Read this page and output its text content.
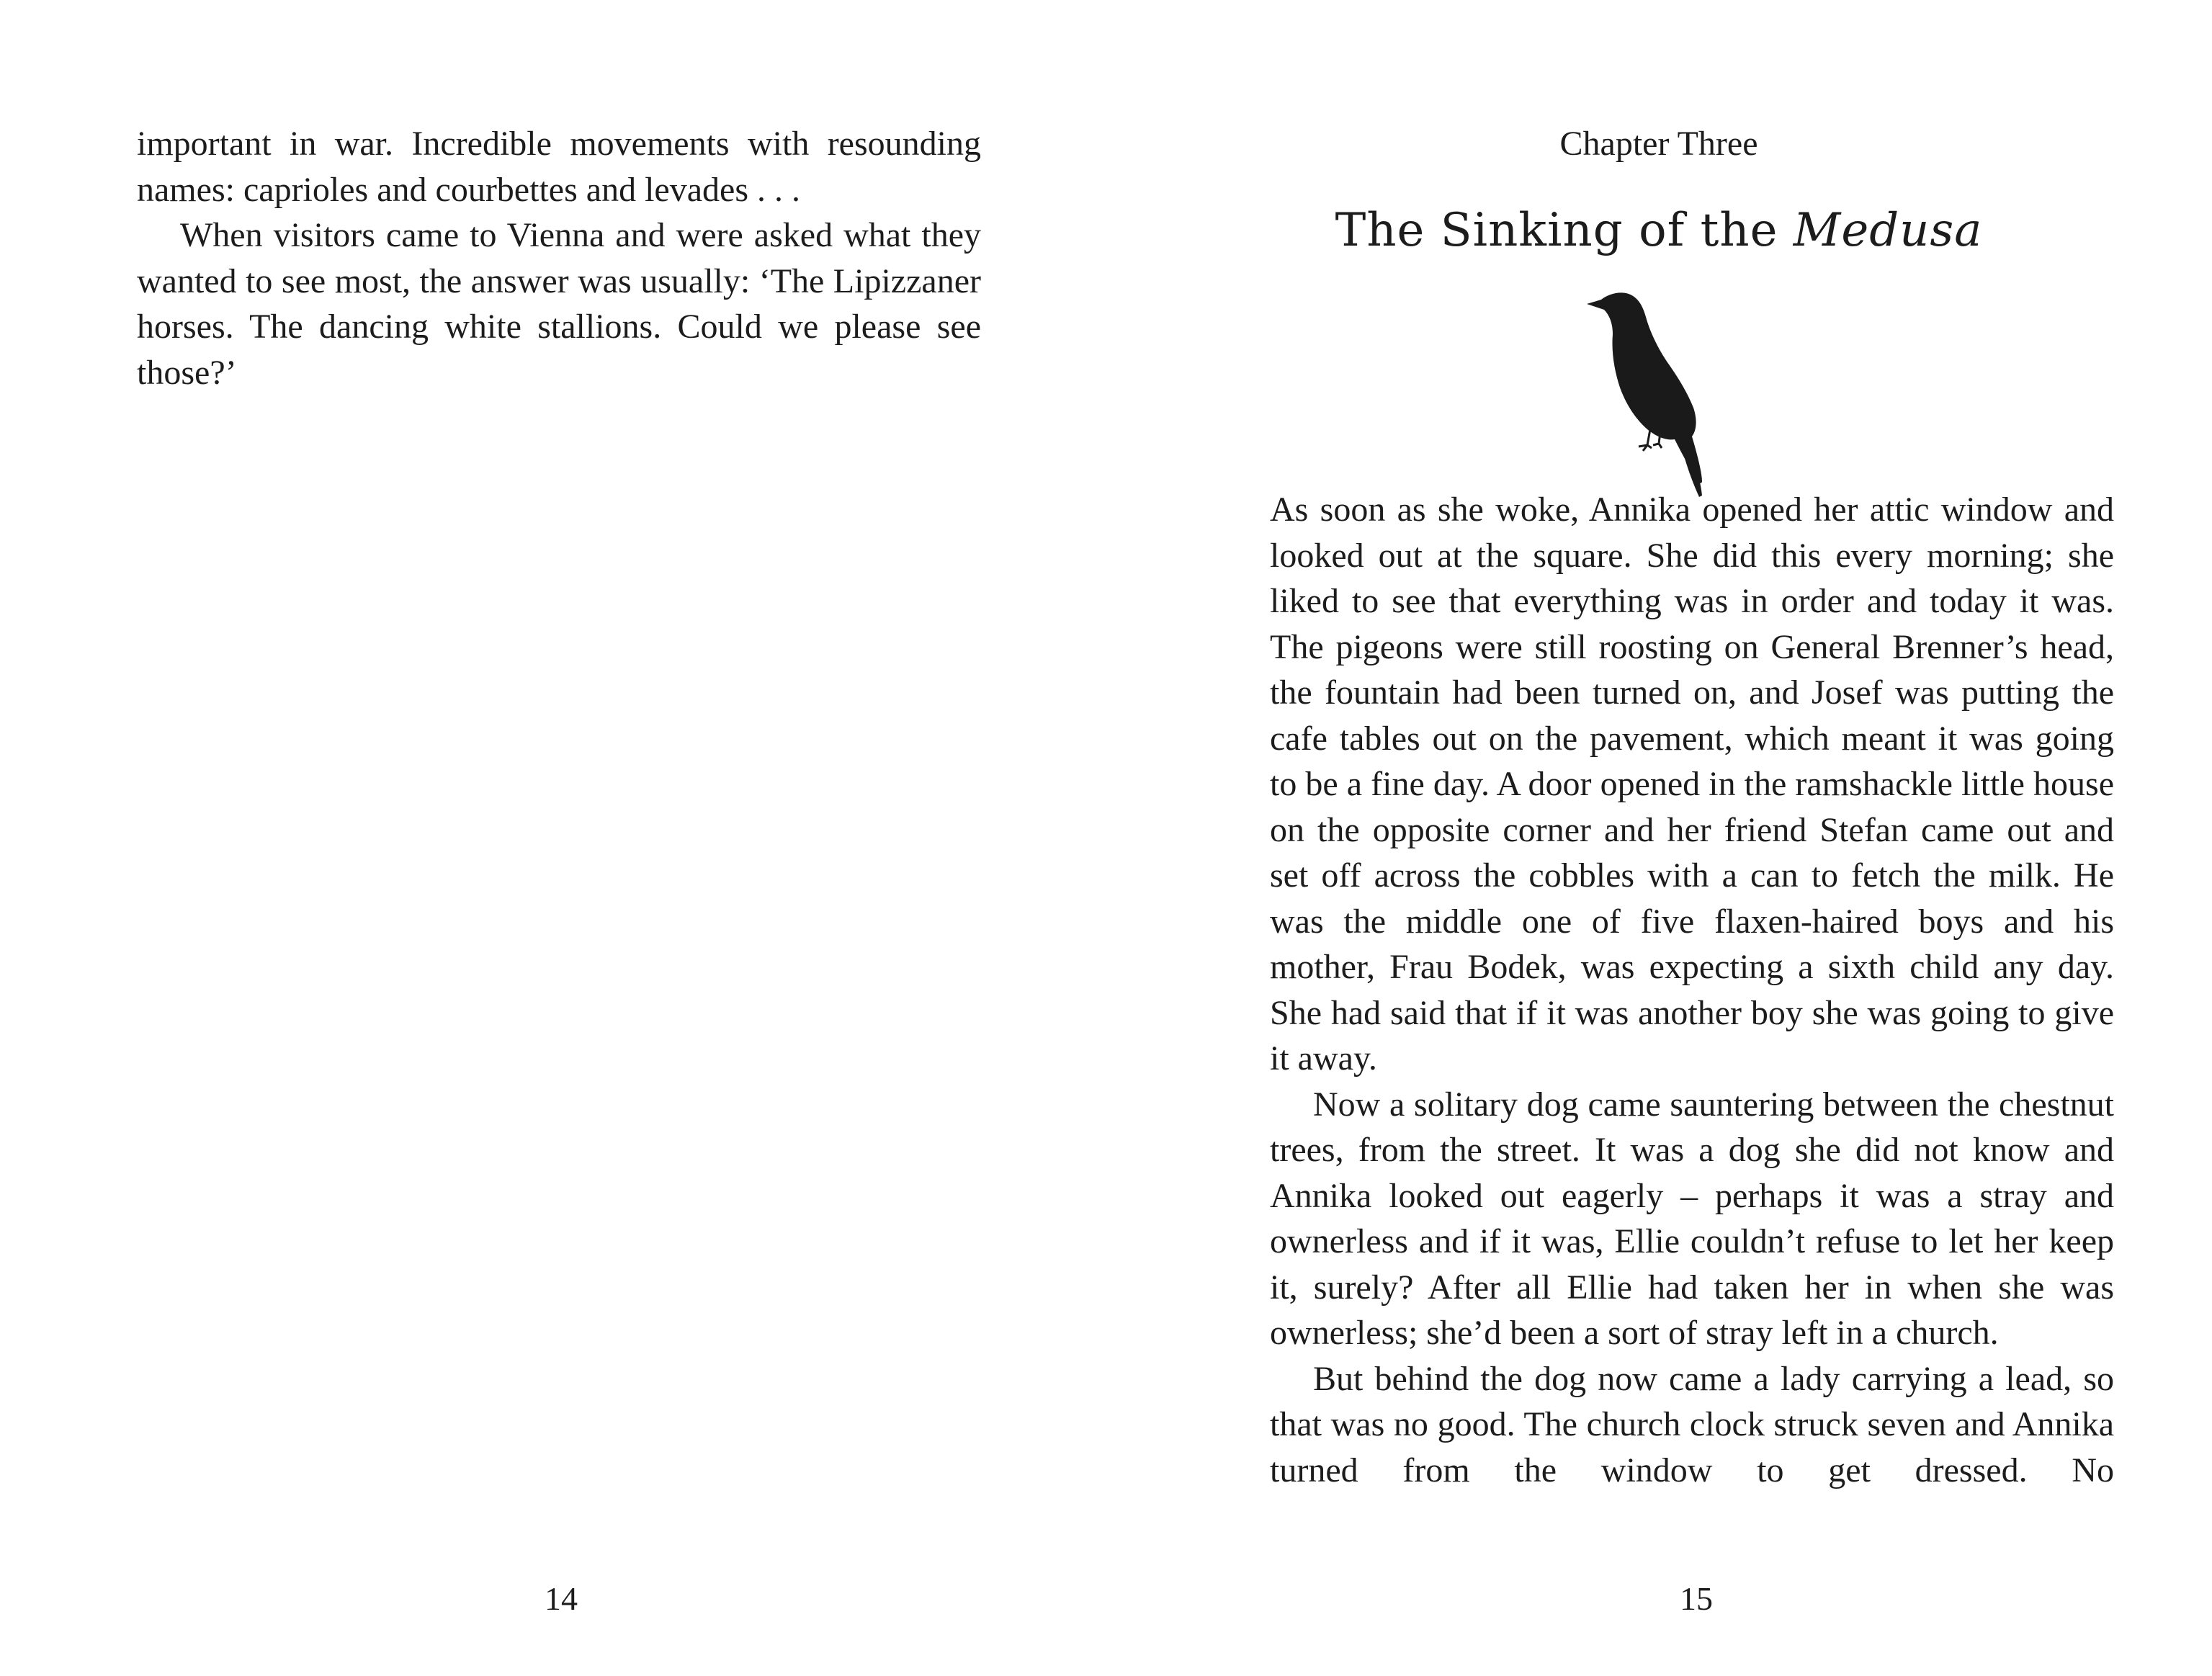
important in war. Incredible movements with resounding names: caprioles and courbettes and levades . . .

When visitors came to Vienna and were asked what they wanted to see most, the answer was usually: ‘The Lipizzaner horses. The dancing white stallions. Could we please see those?’

14
Chapter Three
The Sinking of the Medusa

As soon as she woke, Annika opened her attic window and looked out at the square. She did this every morning; she liked to see that everything was in order and today it was. The pigeons were still roosting on General Brenner’s head, the fountain had been turned on, and Josef was putting the cafe tables out on the pavement, which meant it was going to be a fine day. A door opened in the ramshackle little house on the opposite corner and her friend Stefan came out and set off across the cobbles with a can to fetch the milk. He was the middle one of five flaxen-haired boys and his mother, Frau Bodek, was expecting a sixth child any day. She had said that if it was another boy she was going to give it away.

Now a solitary dog came sauntering between the chestnut trees, from the street. It was a dog she did not know and Annika looked out eagerly – perhaps it was a stray and ownerless and if it was, Ellie couldn’t refuse to let her keep it, surely? After all Ellie had taken her in when she was ownerless; she’d been a sort of stray left in a church.

But behind the dog now came a lady carrying a lead, so that was no good. The church clock struck seven and Annika turned from the window to get dressed. No

15
